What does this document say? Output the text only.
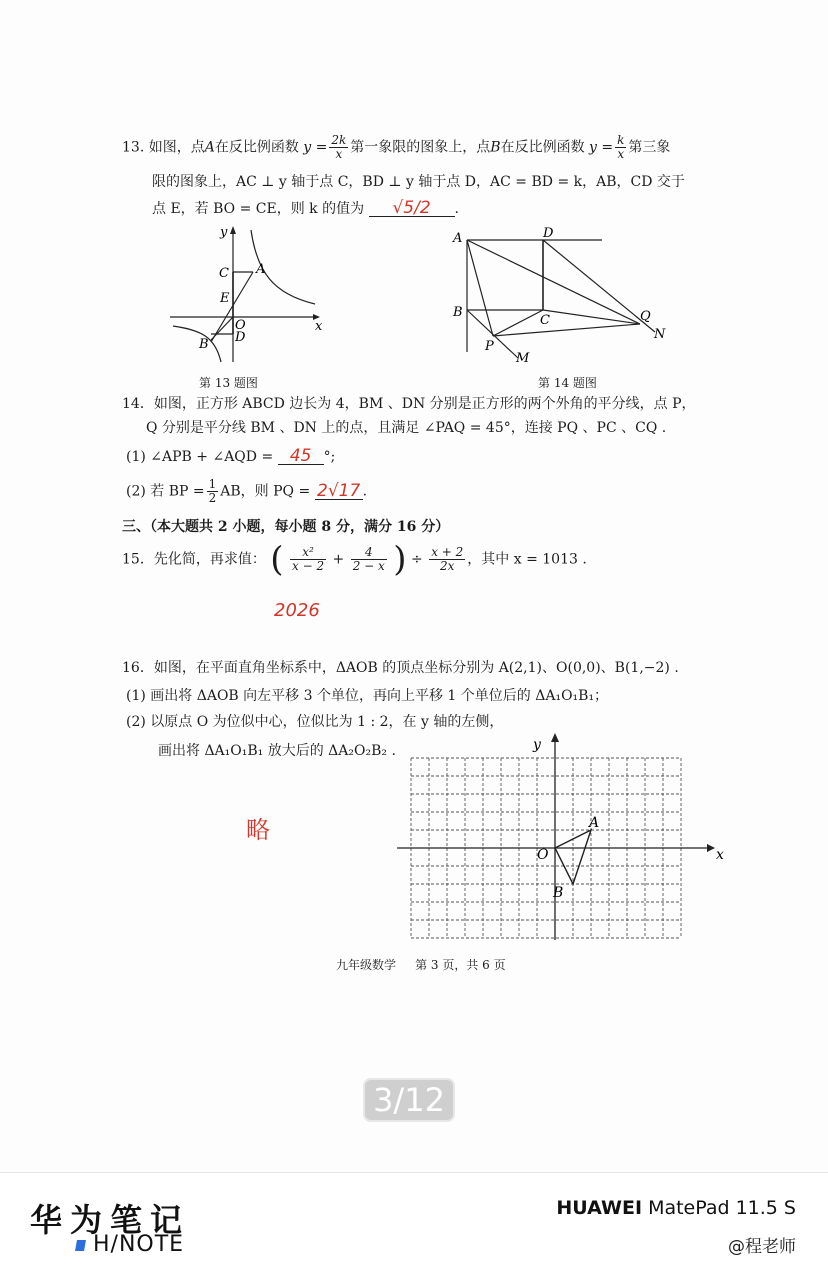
13. 如图，点A在反比例函数 $y = \frac{2k}{x}$ 第一象限的图象上，点B在反比例函数 $y = \frac{k}{x}$ 第三象
限的图象上，AC ⊥ y 轴于点 C，BD ⊥ y 轴于点 D，AC = BD = k，AB，CD 交于
点 E，若 BO = CE，则 k 的值为 √5/2 .
y
x
C A
E
O
D
B
第 13 题图
A	D
B
C
P
M
Q
N
第 14 题图
14．如图，正方形 ABCD 边长为 4，BM 、DN 分别是正方形的两个外角的平分线，点 P，
Q 分别是平分线 BM 、DN 上的点，且满足 ∠PAQ = 45°，连接 PQ 、PC 、CQ .
(1) ∠APB + ∠AQD = 45 °;
(2) 若 BP = $\frac{1}{2}$ AB，则 PQ = 2√17 .
三、（本大题共 2 小题，每小题 8 分，满分 16 分）
15．先化简，再求值： ( $\frac{\text{x²}}{x - 2} + \frac{4}{2 - x}$ ) ÷ $\frac{x + 2}{2x}$ ，其中 x = 1013 .
2026
16．如图，在平面直角坐标系中，ΔAOB 的顶点坐标分别为 A(2,1)、O(0,0)、B(1,−2) .
(1) 画出将 ΔAOB 向左平移 3 个单位，再向上平移 1 个单位后的 ΔA₁O₁B₁；
(2) 以原点 O 为位似中心，位似比为 1 : 2，在 y 轴的左侧，
画出将 ΔA₁O₁B₁ 放大后的 ΔA₂O₂B₂ .
略
y
x
O
A
B
九年级数学     第 3 页，共 6 页
3/12
华为笔记
H/NOTE
HUAWEI MatePad 11.5 S
@程老师
